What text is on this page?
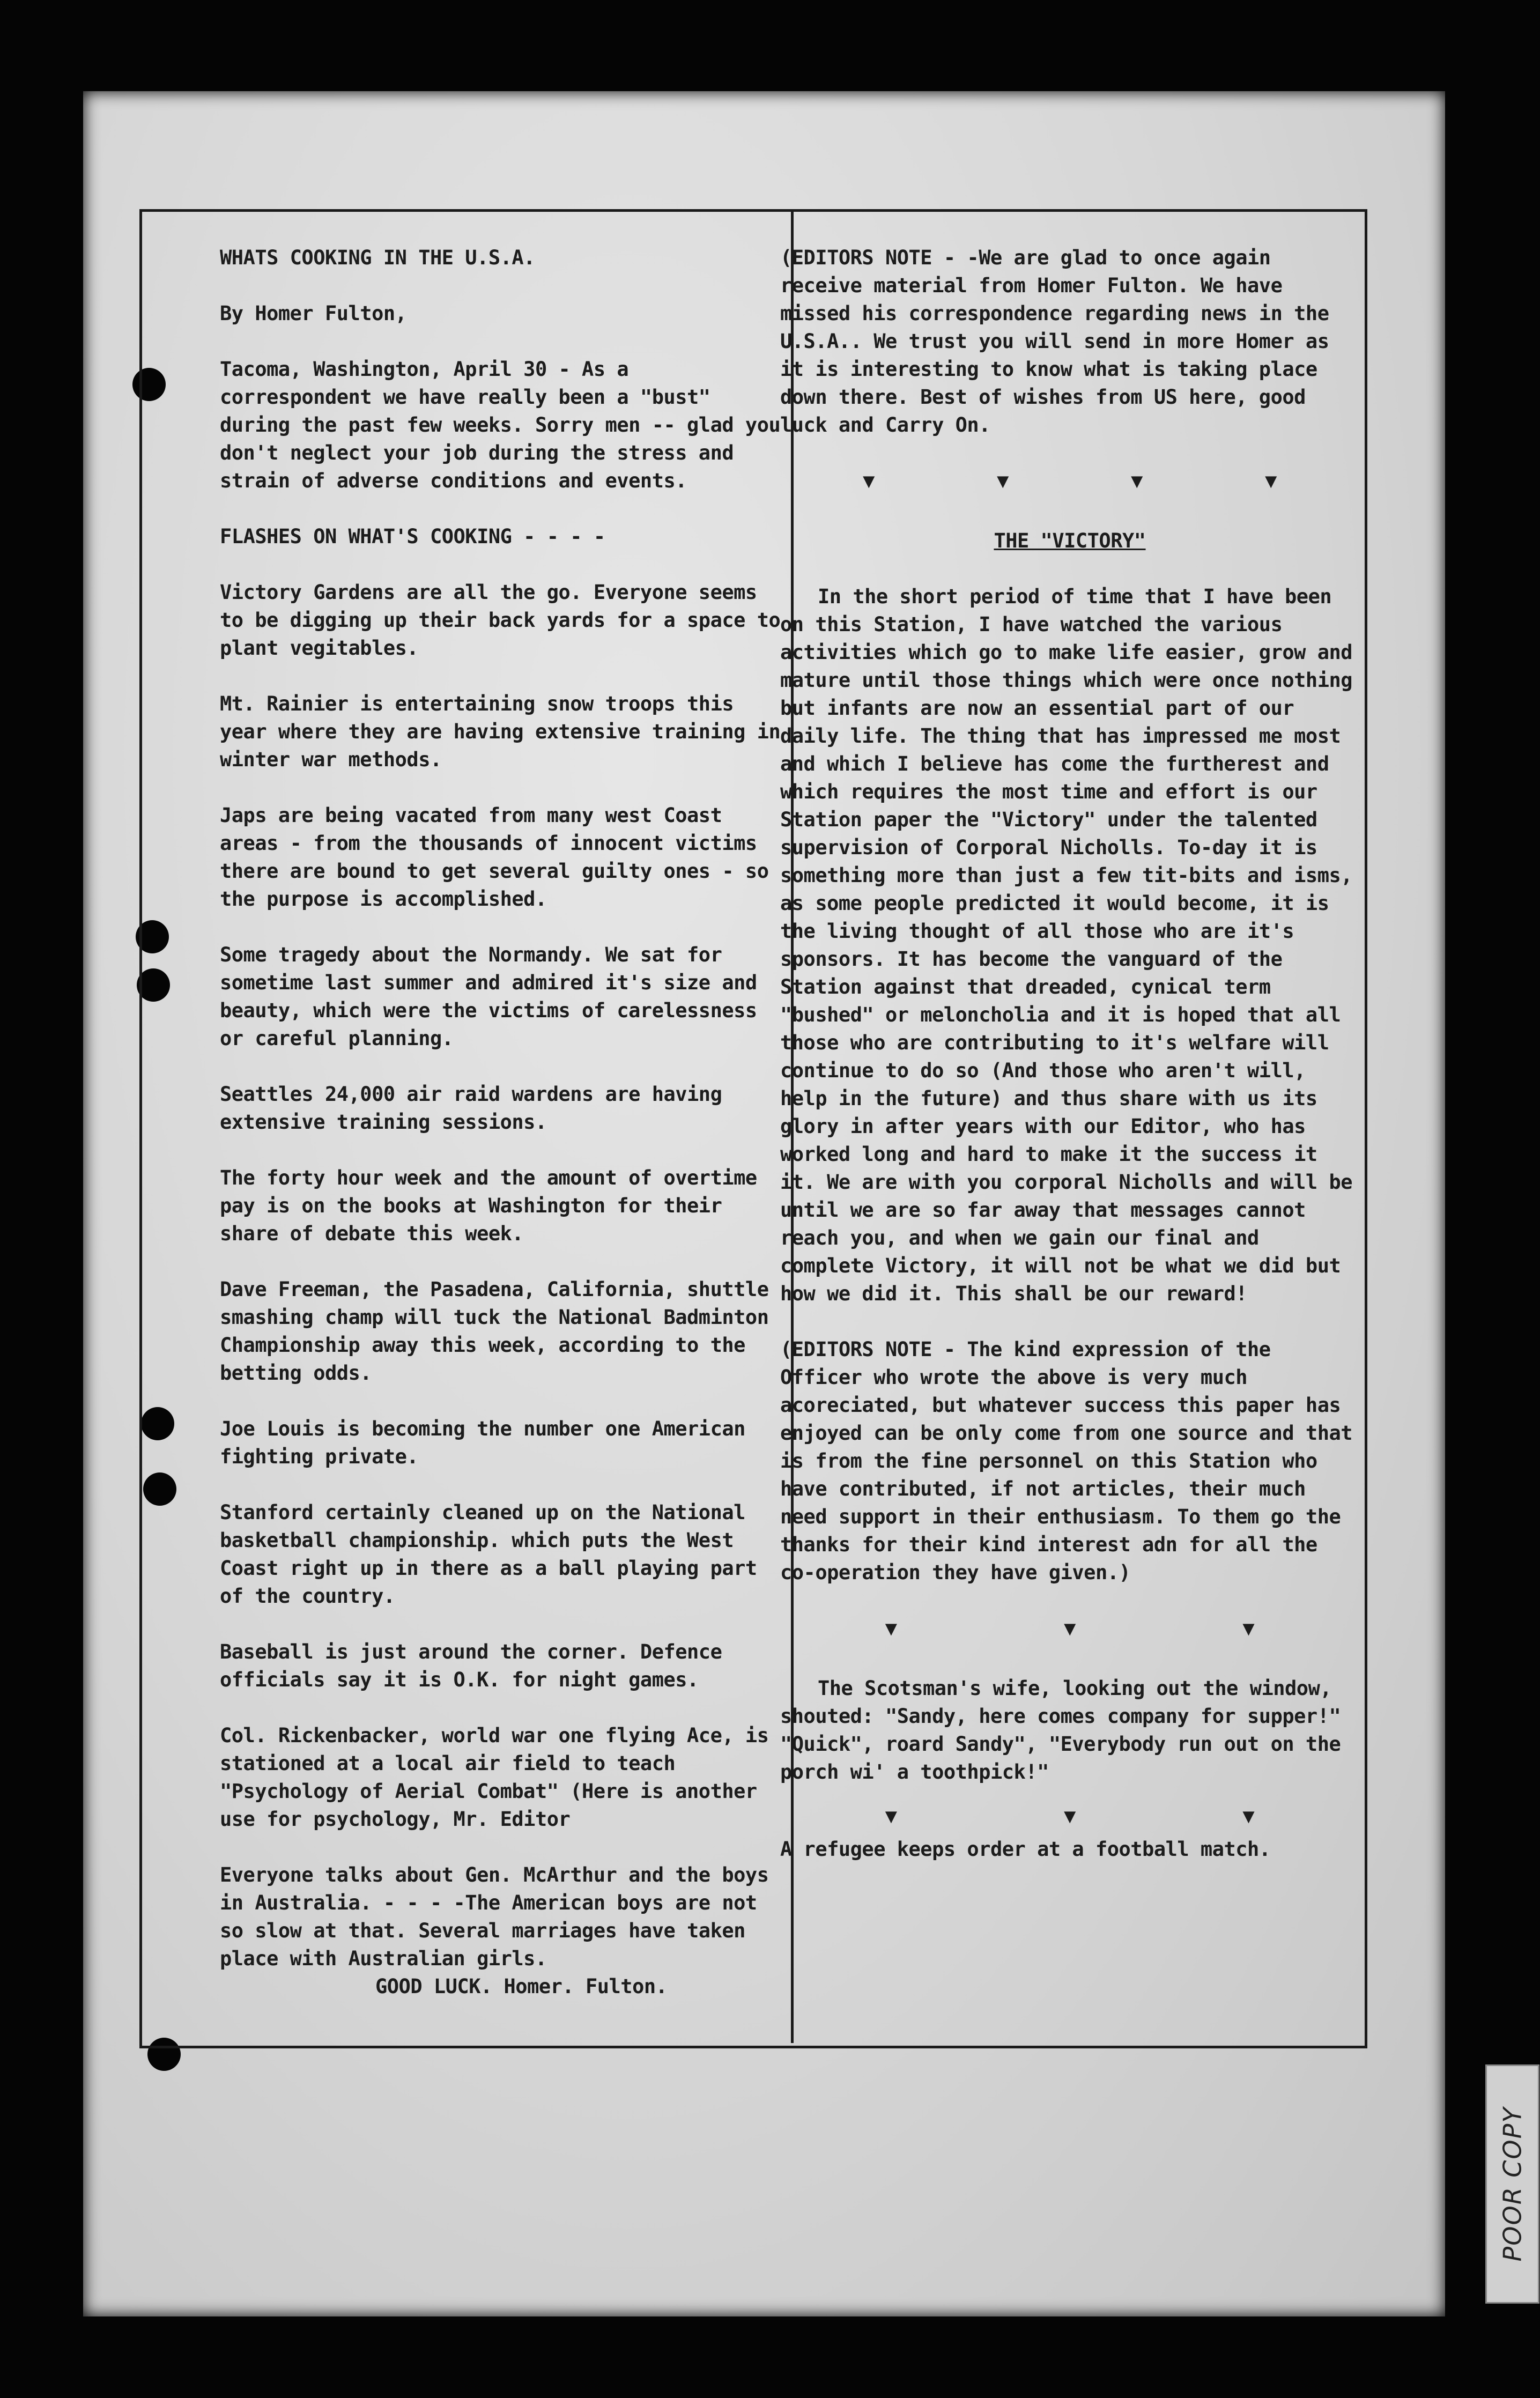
WHATS COOKING IN THE U.S.A.

By Homer Fulton,

Tacoma, Washington, April 30 - As a correspondent we have really been a "bust" during the past few weeks. Sorry men -- glad you don't neglect your job during the stress and strain of adverse conditions and events.

FLASHES ON WHAT'S COOKING - - - -

Victory Gardens are all the go. Everyone seems to be digging up their back yards for a space to plant vegitables.

Mt. Rainier is entertaining snow troops this year where they are having extensive training in winter war methods.

Japs are being vacated from many west Coast areas - from the thousands of innocent victims there are bound to get several guilty ones - so the purpose is accomplished.

Some tragedy about the Normandy. We sat for sometime last summer and admired it's size and beauty, which were the victims of carelessness or careful planning.

Seattles 24,000 air raid wardens are having extensive training sessions.

The forty hour week and the amount of overtime pay is on the books at Washington for their share of debate this week.

Dave Freeman, the Pasadena, California, shuttle smashing champ will tuck the National Badminton Championship away this week, according to the betting odds.

Joe Louis is becoming the number one American fighting private.

Stanford certainly cleaned up on the National basketball championship. which puts the West Coast right up in there as a ball playing part of the country.

Baseball is just around the corner. Defence officials say it is O.K. for night games.

Col. Rickenbacker, world war one flying Ace, is stationed at a local air field to teach "Psychology of Aerial Combat" (Here is another use for psychology, Mr. Editor

Everyone talks about Gen. McArthur and the boys in Australia. - - - -The American boys are not so slow at that. Several marriages have taken place with Australian girls.

GOOD LUCK. Homer. Fulton.

(EDITORS NOTE - -We are glad to once again receive material from Homer Fulton. We have missed his correspondence regarding news in the U.S.A.. We trust you will send in more Homer as it is interesting to know what is taking place down there. Best of wishes from US here, good luck and Carry On.

▼	▼	▼	▼

THE "VICTORY"

In the short period of time that I have been on this Station, I have watched the various activities which go to make life easier, grow and mature until those things which were once nothing but infants are now an essential part of our daily life. The thing that has impressed me most and which I believe has come the furtherest and which requires the most time and effort is our Station paper the "Victory" under the talented supervision of Corporal Nicholls. To-day it is something more than just a few tit-bits and isms, as some people predicted it would become, it is the living thought of all those who are it's sponsors. It has become the vanguard of the Station against that dreaded, cynical term "bushed" or meloncholia and it is hoped that all those who are contributing to it's welfare will continue to do so (And those who aren't will, help in the future) and thus share with us its glory in after years with our Editor, who has worked long and hard to make it the success it it. We are with you corporal Nicholls and will be until we are so far away that messages cannot reach you, and when we gain our final and complete Victory, it will not be what we did but how we did it. This shall be our reward!

(EDITORS NOTE - The kind expression of the Officer who wrote the above is very much acoreciated, but whatever success this paper has enjoyed can be only come from one source and that is from the fine personnel on this Station who have contributed, if not articles, their much need support in their enthusiasm. To them go the thanks for their kind interest adn for all the co-operation they have given.)

▼	▼	▼

The Scotsman's wife, looking out the window, shouted: "Sandy, here comes company for supper!" "Quick", roard Sandy", "Everybody run out on the porch wi' a toothpick!"

▼	▼	▼

A refugee keeps order at a football match.

POOR COPY
